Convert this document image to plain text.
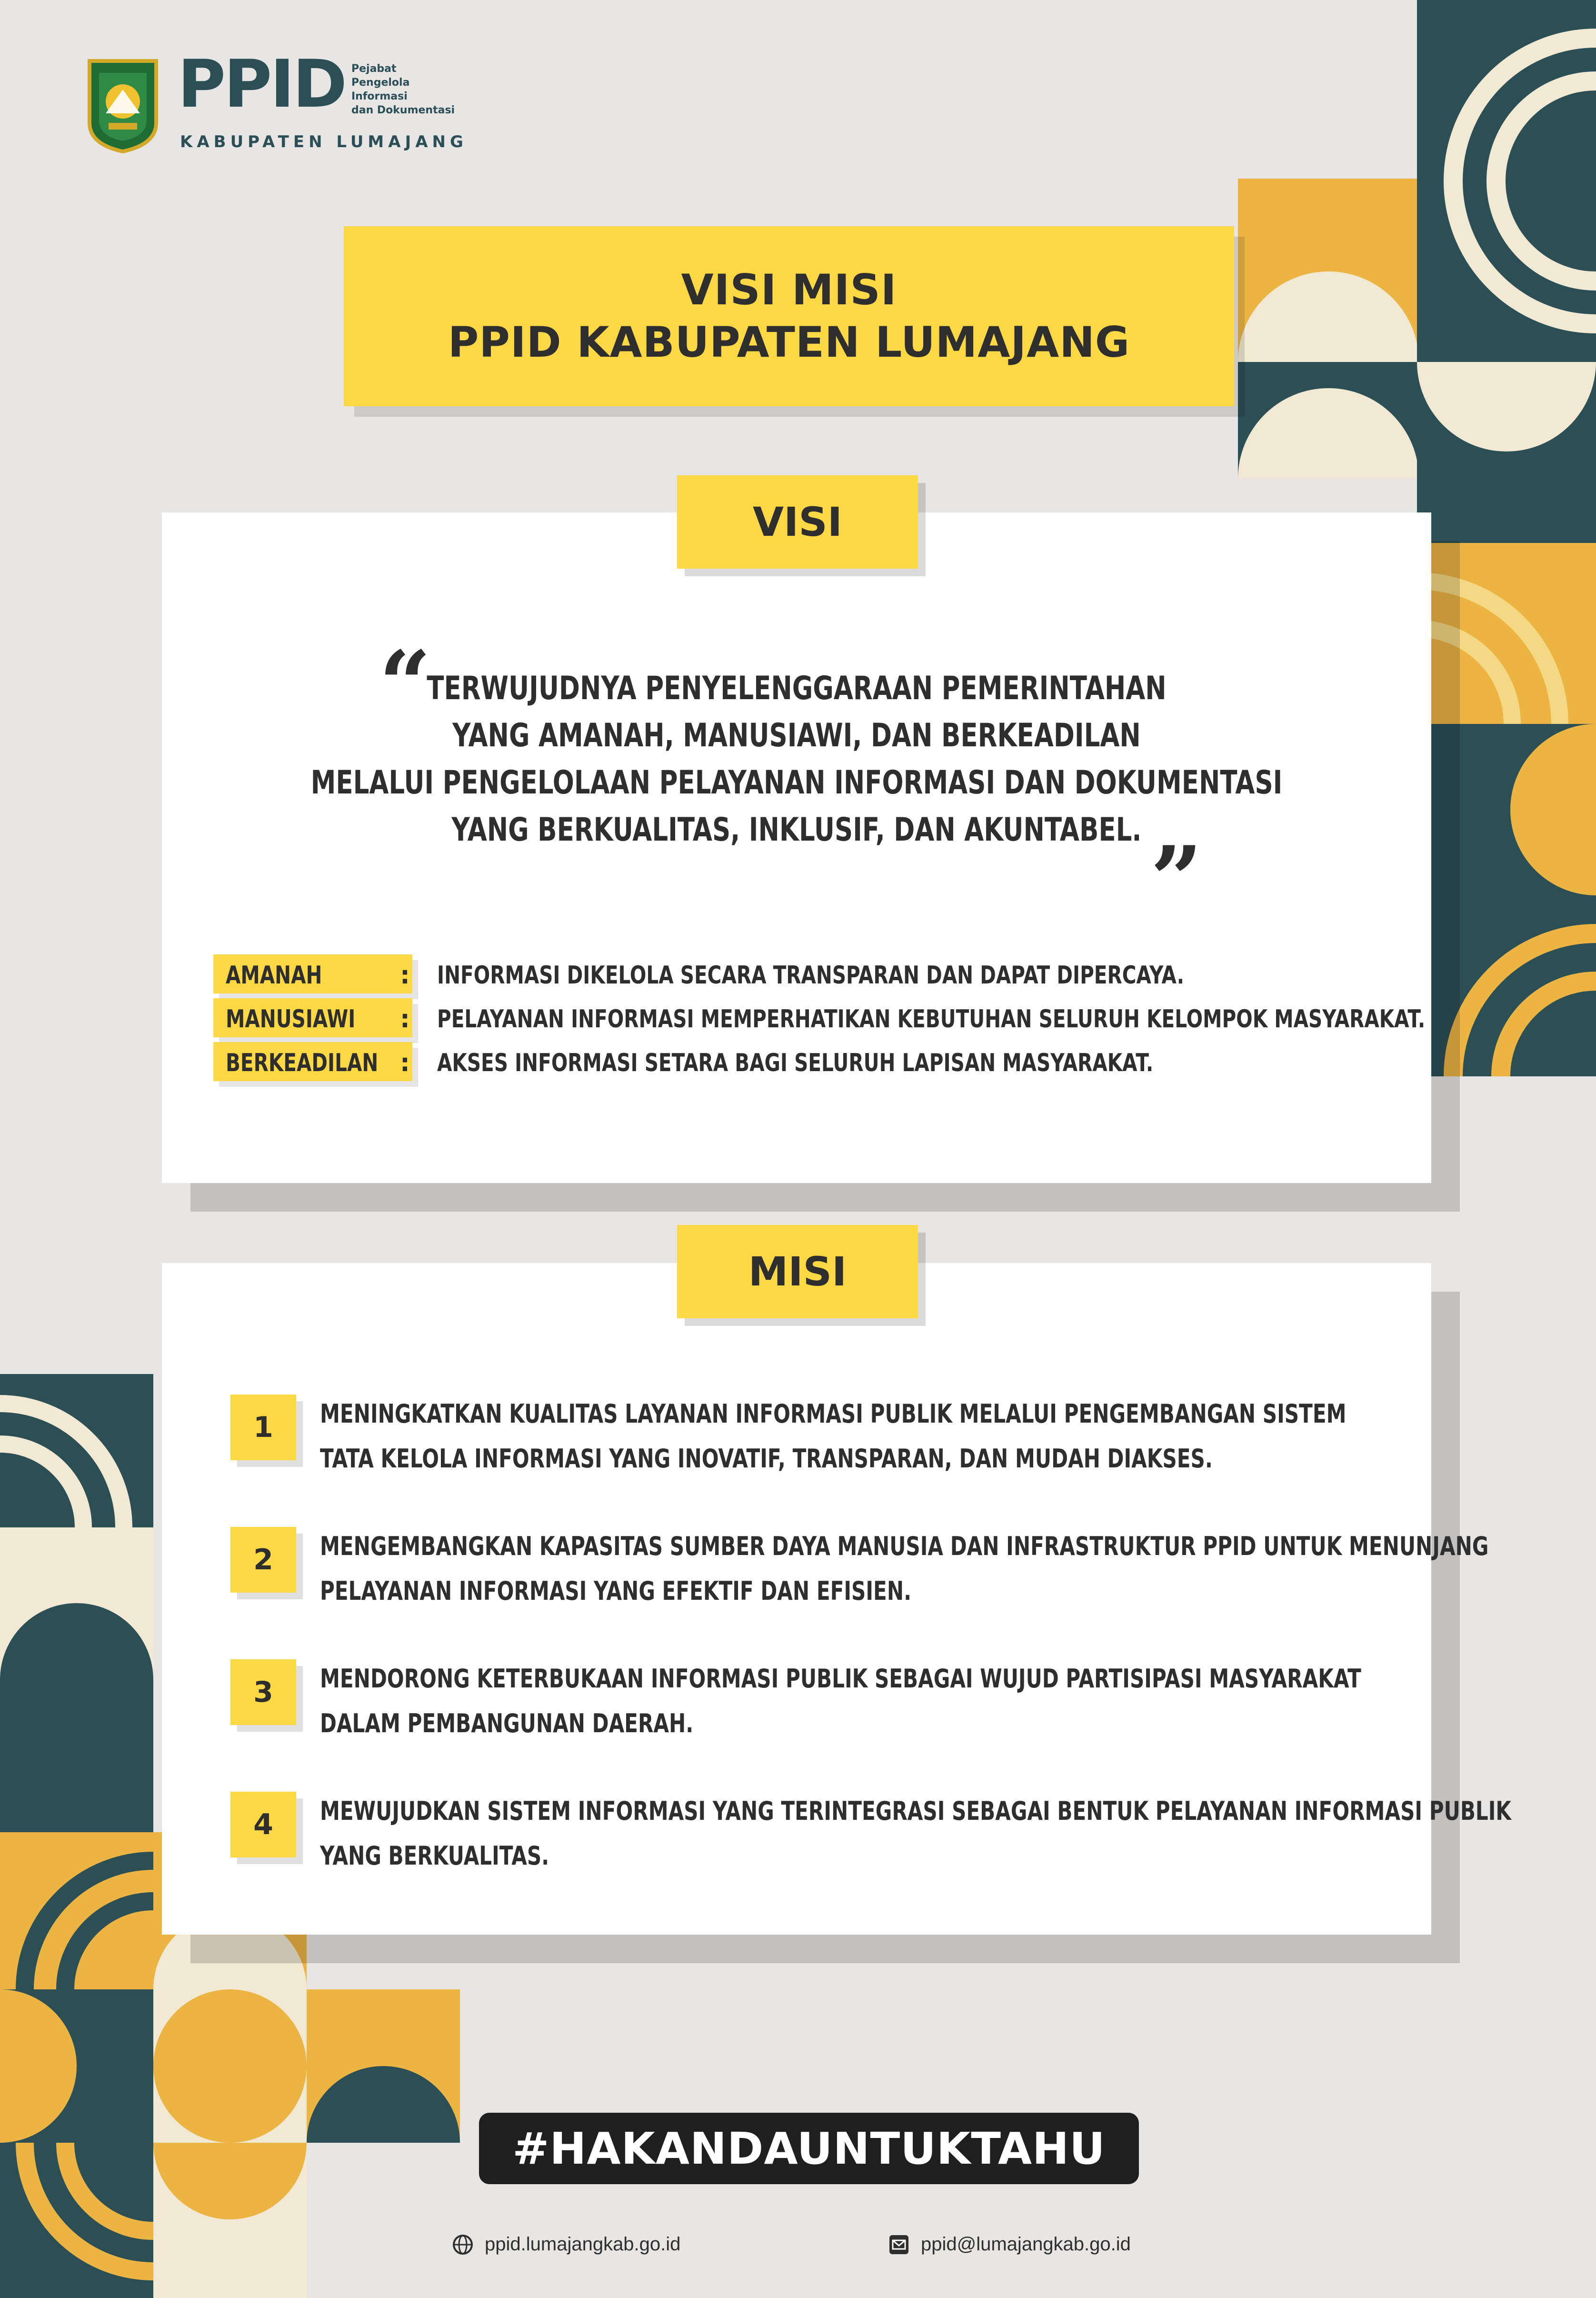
PPID Pejabat
Pengelola
Informasi
dan Dokumentasi
KABUPATEN LUMAJANG
VISI MISI
PPID KABUPATEN LUMAJANG
VISI
“
”
TERWUJUDNYA PENYELENGGARAAN PEMERINTAHAN
YANG AMANAH, MANUSIAWI, DAN BERKEADILAN
MELALUI PENGELOLAAN PELAYANAN INFORMASI DAN DOKUMENTASI
YANG BERKUALITAS, INKLUSIF, DAN AKUNTABEL.
AMANAH	: INFORMASI DIKELOLA SECARA TRANSPARAN DAN DAPAT DIPERCAYA.
MANUSIAWI : PELAYANAN INFORMASI MEMPERHATIKAN KEBUTUHAN SELURUH KELOMPOK MASYARAKAT.
BERKEADILAN : AKSES INFORMASI SETARA BAGI SELURUH LAPISAN MASYARAKAT.
MISI
1	MENINGKATKAN KUALITAS LAYANAN INFORMASI PUBLIK MELALUI PENGEMBANGAN SISTEM
TATA KELOLA INFORMASI YANG INOVATIF, TRANSPARAN, DAN MUDAH DIAKSES.
2	MENGEMBANGKAN KAPASITAS SUMBER DAYA MANUSIA DAN INFRASTRUKTUR PPID UNTUK MENUNJANG
PELAYANAN INFORMASI YANG EFEKTIF DAN EFISIEN.
3	MENDORONG KETERBUKAAN INFORMASI PUBLIK SEBAGAI WUJUD PARTISIPASI MASYARAKAT
DALAM PEMBANGUNAN DAERAH.
4	MEWUJUDKAN SISTEM INFORMASI YANG TERINTEGRASI SEBAGAI BENTUK PELAYANAN INFORMASI PUBLIK
YANG BERKUALITAS.
#HAKANDAUNTUKTAHU
ppid.lumajangkab.go.id	ppid@lumajangkab.go.id
